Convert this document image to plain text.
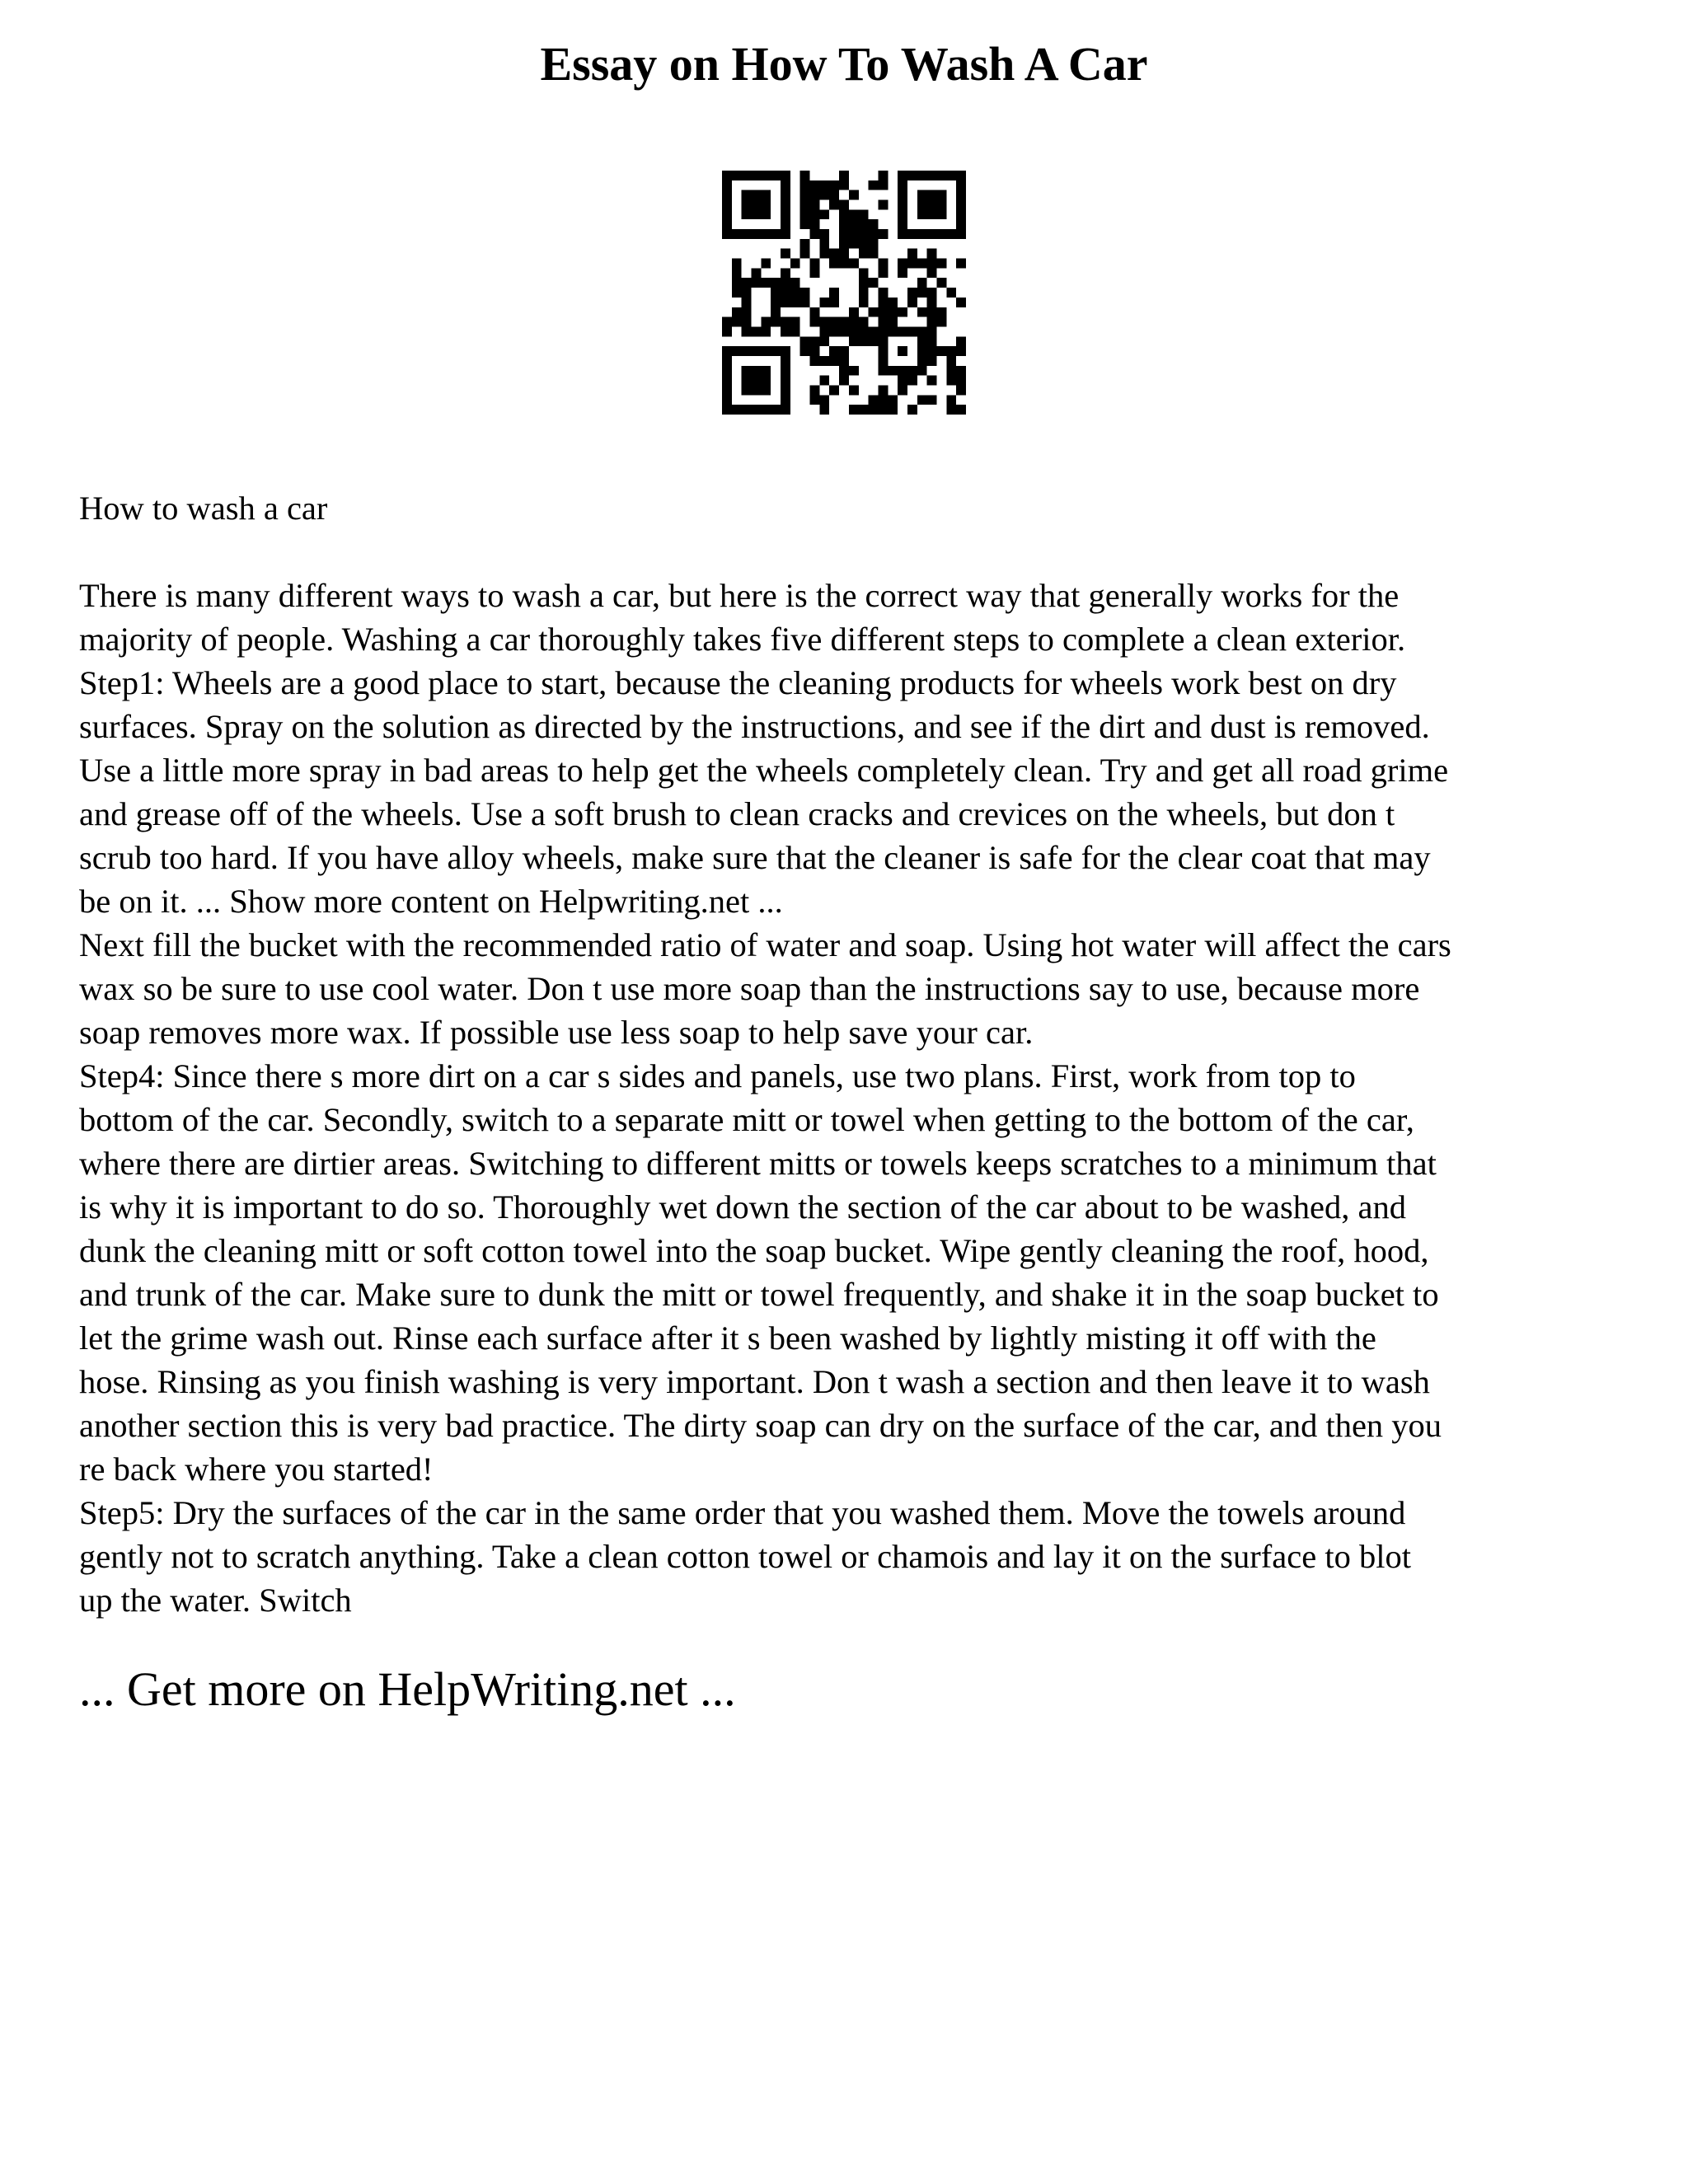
Essay on How To Wash A Car

How to wash a car

There is many different ways to wash a car, but here is the correct way that generally works for the

majority of people. Washing a car thoroughly takes five different steps to complete a clean exterior.

Step1: Wheels are a good place to start, because the cleaning products for wheels work best on dry

surfaces. Spray on the solution as directed by the instructions, and see if the dirt and dust is removed.

Use a little more spray in bad areas to help get the wheels completely clean. Try and get all road grime

and grease off of the wheels. Use a soft brush to clean cracks and crevices on the wheels, but don t

scrub too hard. If you have alloy wheels, make sure that the cleaner is safe for the clear coat that may

be on it. ... Show more content on Helpwriting.net ...

Next fill the bucket with the recommended ratio of water and soap. Using hot water will affect the cars

wax so be sure to use cool water. Don t use more soap than the instructions say to use, because more

soap removes more wax. If possible use less soap to help save your car.

Step4: Since there s more dirt on a car s sides and panels, use two plans. First, work from top to

bottom of the car. Secondly, switch to a separate mitt or towel when getting to the bottom of the car,

where there are dirtier areas. Switching to different mitts or towels keeps scratches to a minimum that

is why it is important to do so. Thoroughly wet down the section of the car about to be washed, and

dunk the cleaning mitt or soft cotton towel into the soap bucket. Wipe gently cleaning the roof, hood,

and trunk of the car. Make sure to dunk the mitt or towel frequently, and shake it in the soap bucket to

let the grime wash out. Rinse each surface after it s been washed by lightly misting it off with the

hose. Rinsing as you finish washing is very important. Don t wash a section and then leave it to wash

another section this is very bad practice. The dirty soap can dry on the surface of the car, and then you

re back where you started!

Step5: Dry the surfaces of the car in the same order that you washed them. Move the towels around

gently not to scratch anything. Take a clean cotton towel or chamois and lay it on the surface to blot

up the water. Switch

... Get more on HelpWriting.net ...
